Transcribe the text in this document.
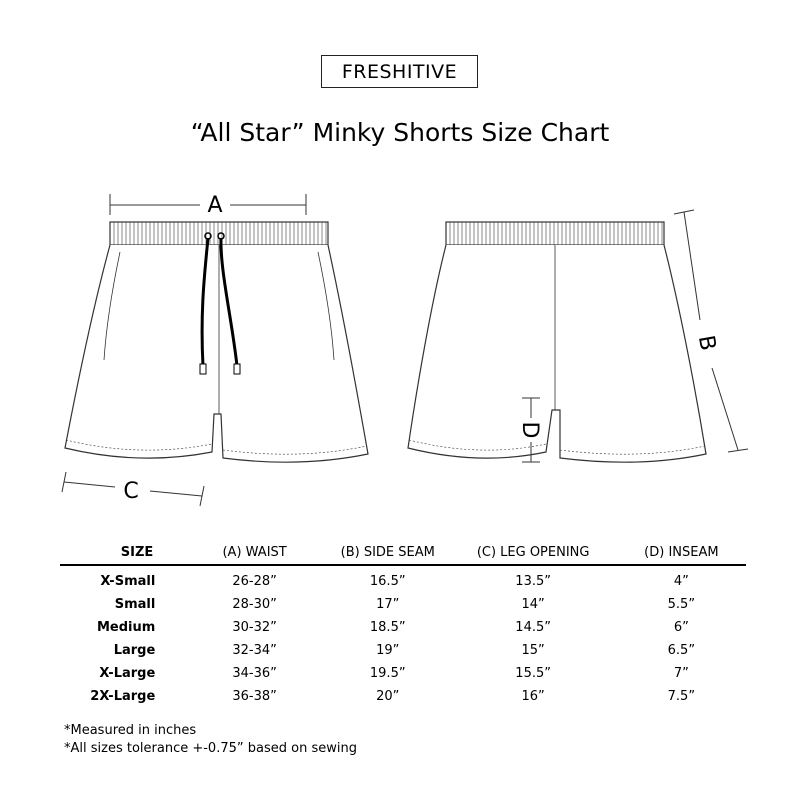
FRESHITIVE
“All Star” Minky Shorts Size Chart
A
C
B
D
SIZE	(A) WAIST	(B) SIDE SEAM	(C) LEG OPENING	(D) INSEAM
X-Small	26-28”	16.5”	13.5”	4”
Small	28-30”	17”	14”	5.5”
Medium	30-32”	18.5”	14.5”	6”
Large	32-34”	19”	15”	6.5”
X-Large	34-36”	19.5”	15.5”	7”
2X-Large	36-38”	20”	16”	7.5”
*Measured in inches
*All sizes tolerance +-0.75” based on sewing
